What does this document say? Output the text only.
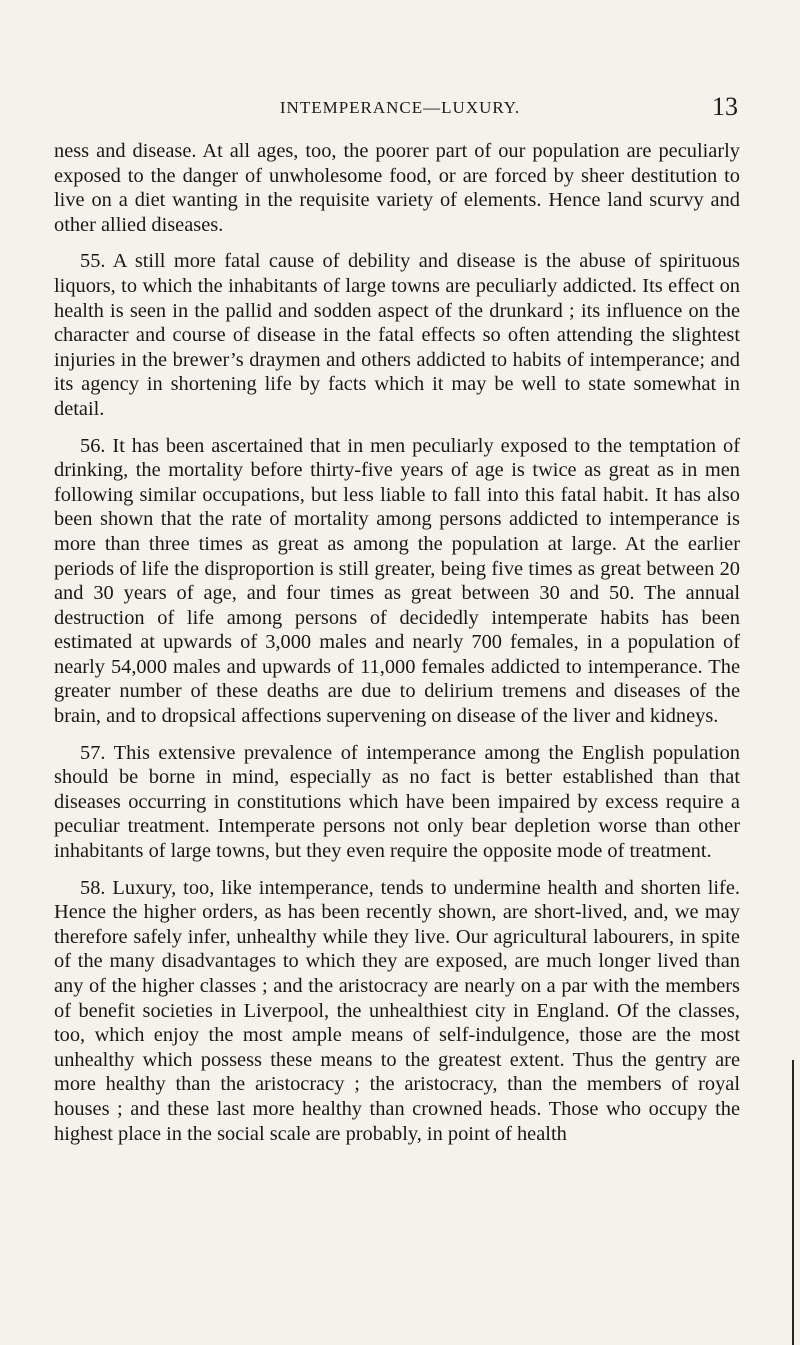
INTEMPERANCE—LUXURY.	13

ness and disease. At all ages, too, the poorer part of our population are peculiarly exposed to the danger of unwholesome food, or are forced by sheer destitution to live on a diet wanting in the requisite variety of elements. Hence land scurvy and other allied diseases.

55. A still more fatal cause of debility and disease is the abuse of spirituous liquors, to which the inhabitants of large towns are peculiarly addicted. Its effect on health is seen in the pallid and sodden aspect of the drunkard ; its influence on the character and course of disease in the fatal effects so often attending the slightest injuries in the brewer’s draymen and others addicted to habits of intemperance; and its agency in shortening life by facts which it may be well to state somewhat in detail.

56. It has been ascertained that in men peculiarly exposed to the temptation of drinking, the mortality before thirty-five years of age is twice as great as in men following similar occupations, but less liable to fall into this fatal habit. It has also been shown that the rate of mortality among persons addicted to intemperance is more than three times as great as among the population at large. At the earlier periods of life the disproportion is still greater, being five times as great between 20 and 30 years of age, and four times as great between 30 and 50. The annual destruction of life among persons of decidedly intemperate habits has been estimated at upwards of 3,000 males and nearly 700 females, in a population of nearly 54,000 males and upwards of 11,000 females addicted to intemperance. The greater number of these deaths are due to delirium tremens and diseases of the brain, and to dropsical affections supervening on disease of the liver and kidneys.

57. This extensive prevalence of intemperance among the English population should be borne in mind, especially as no fact is better established than that diseases occurring in constitutions which have been impaired by excess require a peculiar treatment. Intemperate persons not only bear depletion worse than other inhabitants of large towns, but they even require the opposite mode of treatment.

58. Luxury, too, like intemperance, tends to undermine health and shorten life. Hence the higher orders, as has been recently shown, are short-lived, and, we may therefore safely infer, unhealthy while they live. Our agricultural labourers, in spite of the many disadvantages to which they are exposed, are much longer lived than any of the higher classes ; and the aristocracy are nearly on a par with the members of benefit societies in Liverpool, the unhealthiest city in England. Of the classes, too, which enjoy the most ample means of self-indulgence, those are the most unhealthy which possess these means to the greatest extent. Thus the gentry are more healthy than the aristocracy ; the aristocracy, than the members of royal houses ; and these last more healthy than crowned heads. Those who occupy the highest place in the social scale are probably, in point of health
